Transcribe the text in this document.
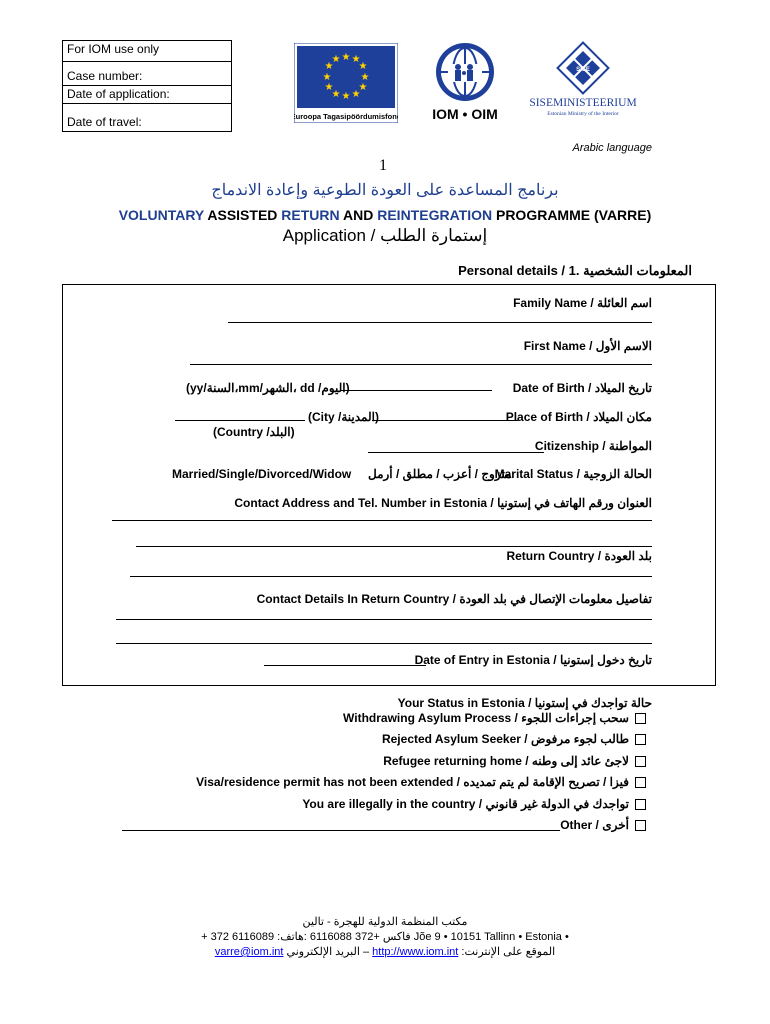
For IOM use only
Case number:
Date of application:
Date of travel:
★ ★
★
★
★
★
★
★
★
★
★
★
Euroopa Tagasipöördumisfond IOM • OIM
SISE
SISEMINISTEERIUM
Estonian Ministry of the Interior
Arabic language
1
برنامج المساعدة على العودة الطوعية وإعادة الاندماج
VOLUNTARY ASSISTED RETURN AND REINTEGRATION PROGRAMME (VARRE)
Application / إستمارة الطلب
Personal details / المعلومات الشخصية .1
Family Name / اسم العائلة
First Name / الاسم الأول
(yy/السنة،mm/الشهر، dd /اليوم)	Date of Birth / تاريخ الميلاد
(City /المدينة)	Place of Birth / مكان الميلاد
(Country /البلد)
Citizenship / المواطنة
Married/Single/Divorced/Widow متزوج / أعزب / مطلق / أرمل
Marital Status / الحالة الزوجية
Contact Address and Tel. Number in Estonia / العنوان ورقم الهاتف في إستونيا
Return Country / بلد العودة
Contact Details In Return Country / تفاصيل معلومات الإتصال في بلد العودة
Date of Entry in Estonia / تاريخ دخول إستونيا
Your Status in Estonia / حالة تواجدك في إستونيا
Withdrawing Asylum Process / سحب إجراءات اللجوء
Rejected Asylum Seeker / طالب لجوء مرفوض
Refugee returning home / لاجئ عائد إلى وطنه
Visa/residence permit has not been extended / فيزا / تصريح الإقامة لم يتم تمديده
You are illegally in the country / تواجدك في الدولة غير قانوني
Other / أخرى
مكتب المنظمة الدولية للهجرة - تالين
+ 372 6116089 :فاكس +372 6116088 :هاتف Jõe 9 • 10151 Tallinn • Estonia •
varre@iom.int البريد الإلكتروني – http://www.iom.int :الموقع على الإنترنت
